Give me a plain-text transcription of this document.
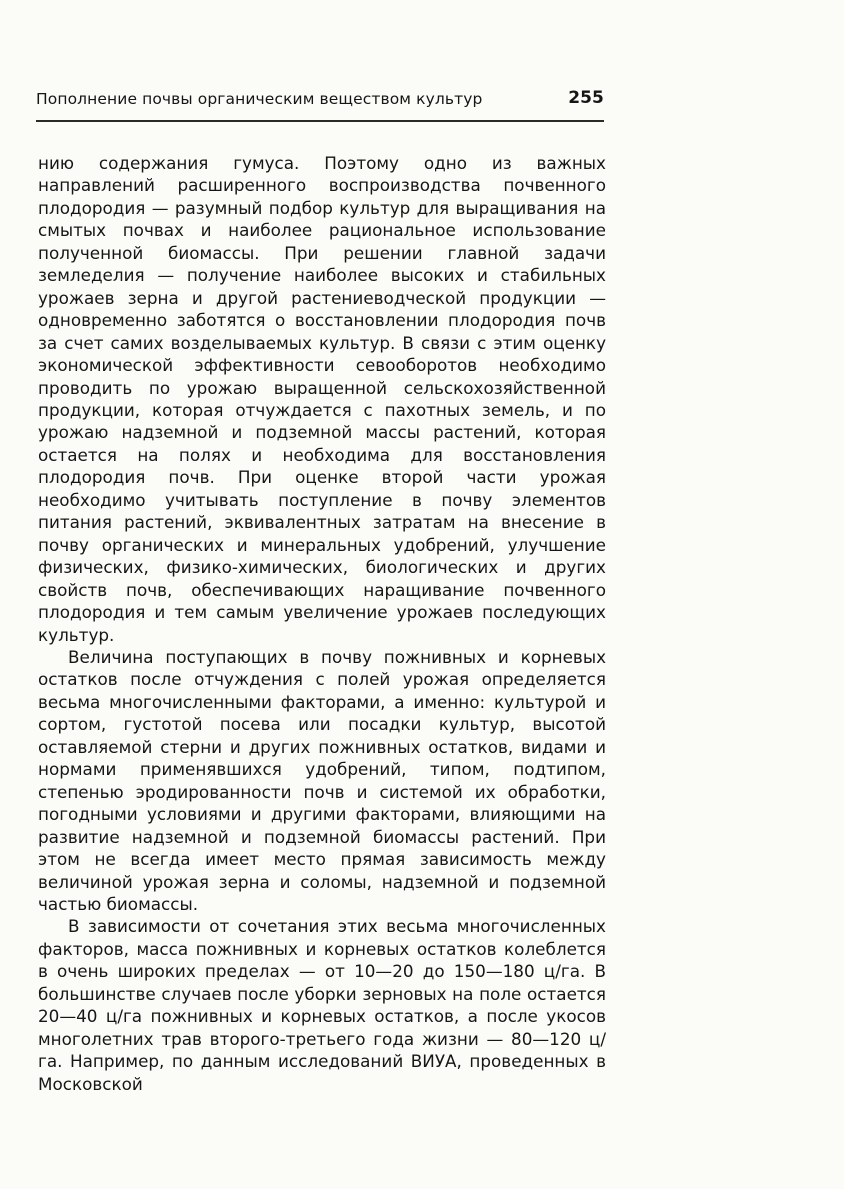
Пополнение почвы органическим веществом культур	255

нию содержания гумуса. Поэтому одно из важных направлений расширенного воспроизводства почвенного плодородия — разумный подбор культур для выращивания на смытых почвах и наиболее рациональное использование полученной биомассы. При решении главной задачи земледелия — получение наиболее высоких и стабильных урожаев зерна и другой растениеводческой продукции — одновременно заботятся о восстановлении плодородия почв за счет самих возделываемых культур. В связи с этим оценку экономической эффективности севооборотов необходимо проводить по урожаю выращенной сельскохозяйственной продукции, которая отчуждается с пахотных земель, и по урожаю надземной и подземной массы растений, которая остается на полях и необходима для восстановления плодородия почв. При оценке второй части урожая необходимо учитывать поступление в почву элементов питания растений, эквивалентных затратам на внесение в почву органических и минеральных удобрений, улучшение физических, физико-химических, биологических и других свойств почв, обеспечивающих наращивание почвенного плодородия и тем самым увеличение урожаев последующих культур.

Величина поступающих в почву пожнивных и корневых остатков после отчуждения с полей урожая определяется весьма многочисленными факторами, а именно: культурой и сортом, густотой посева или посадки культур, высотой оставляемой стерни и других пожнивных остатков, видами и нормами применявшихся удобрений, типом, подтипом, степенью эродированности почв и системой их обработки, погодными условиями и другими факторами, влияющими на развитие надземной и подземной биомассы растений. При этом не всегда имеет место прямая зависимость между величиной урожая зерна и соломы, надземной и подземной частью биомассы.

В зависимости от сочетания этих весьма многочисленных факторов, масса пожнивных и корневых остатков колеблется в очень широких пределах — от 10—20 до 150—180 ц/га. В большинстве случаев после уборки зерновых на поле остается 20—40 ц/га пожнивных и корневых остатков, а после укосов многолетних трав второго-третьего года жизни — 80—120 ц/га. Например, по данным исследований ВИУА, проведенных в Московской
